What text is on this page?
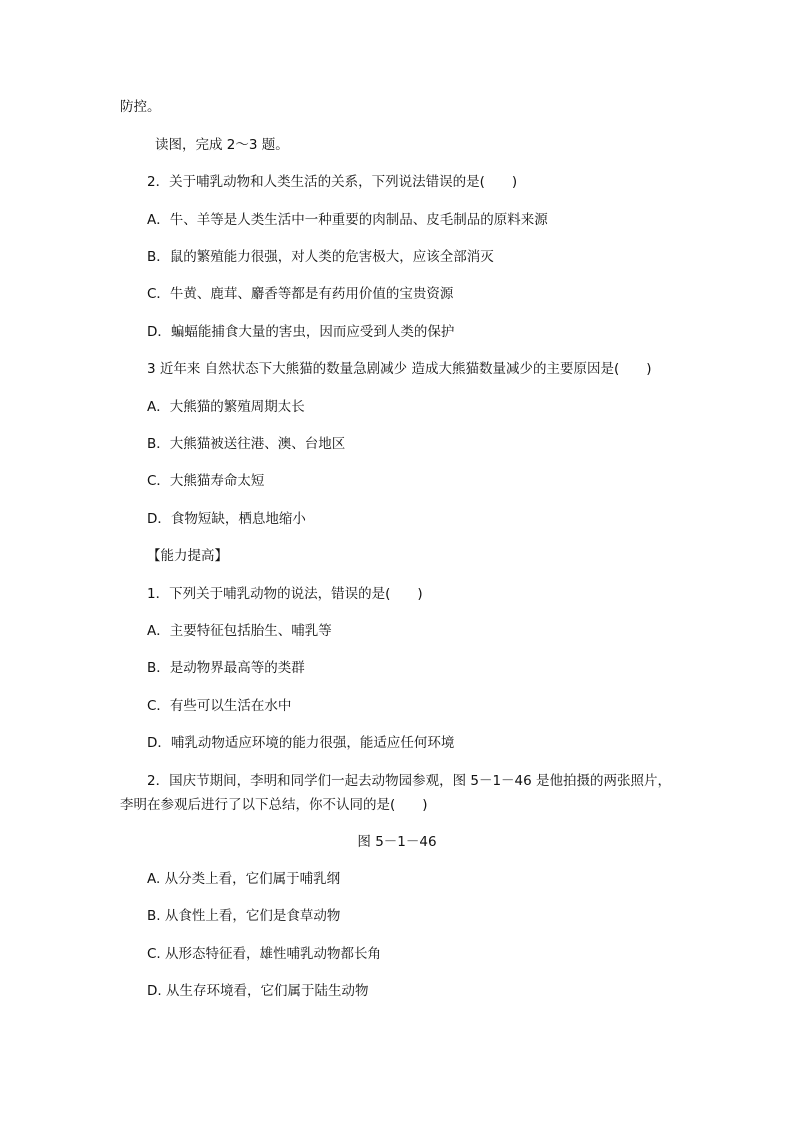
防控。
读图，完成 2～3 题。
2．关于哺乳动物和人类生活的关系，下列说法错误的是(　　)
A．牛、羊等是人类生活中一种重要的肉制品、皮毛制品的原料来源
B．鼠的繁殖能力很强，对人类的危害极大，应该全部消灭
C．牛黄、鹿茸、麝香等都是有药用价值的宝贵资源
D．蝙蝠能捕食大量的害虫，因而应受到人类的保护
3 近年来 自然状态下大熊猫的数量急剧减少 造成大熊猫数量减少的主要原因是(　　)
A．大熊猫的繁殖周期太长
B．大熊猫被送往港、澳、台地区
C．大熊猫寿命太短
D．食物短缺，栖息地缩小
【能力提高】
1．下列关于哺乳动物的说法，错误的是(　　)
A．主要特征包括胎生、哺乳等
B．是动物界最高等的类群
C．有些可以生活在水中
D．哺乳动物适应环境的能力很强，能适应任何环境
2．国庆节期间，李明和同学们一起去动物园参观，图 5－1－46 是他拍摄的两张照片，
李明在参观后进行了以下总结，你不认同的是(　　)
图 5－1－46
A. 从分类上看，它们属于哺乳纲
B. 从食性上看，它们是食草动物
C. 从形态特征看，雄性哺乳动物都长角
D. 从生存环境看，它们属于陆生动物
